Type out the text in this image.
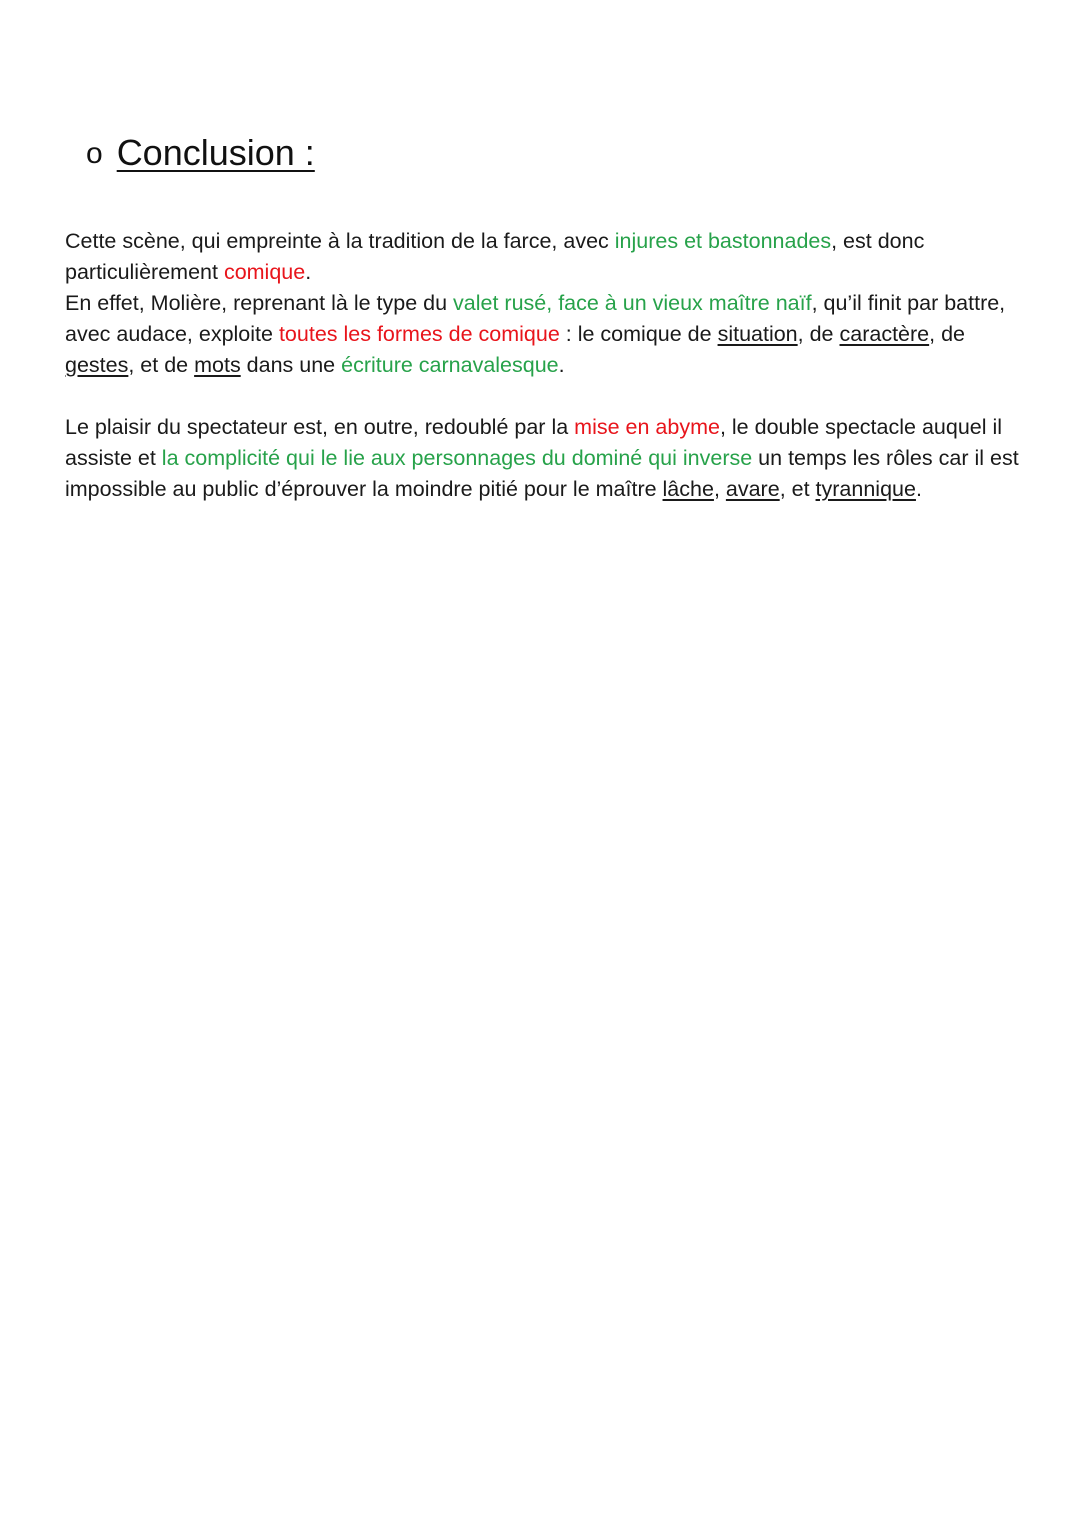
o Conclusion :

Cette scène, qui empreinte à la tradition de la farce, avec injures et bastonnades, est donc particulièrement comique.

En effet, Molière, reprenant là le type du valet rusé, face à un vieux maître naïf, qu’il finit par battre, avec audace, exploite toutes les formes de comique : le comique de situation, de caractère, de gestes, et de mots dans une écriture carnavalesque.

Le plaisir du spectateur est, en outre, redoublé par la mise en abyme, le double spectacle auquel il assiste et la complicité qui le lie aux personnages du dominé qui inverse un temps les rôles car il est impossible au public d’éprouver la moindre pitié pour le maître lâche, avare, et tyrannique.
